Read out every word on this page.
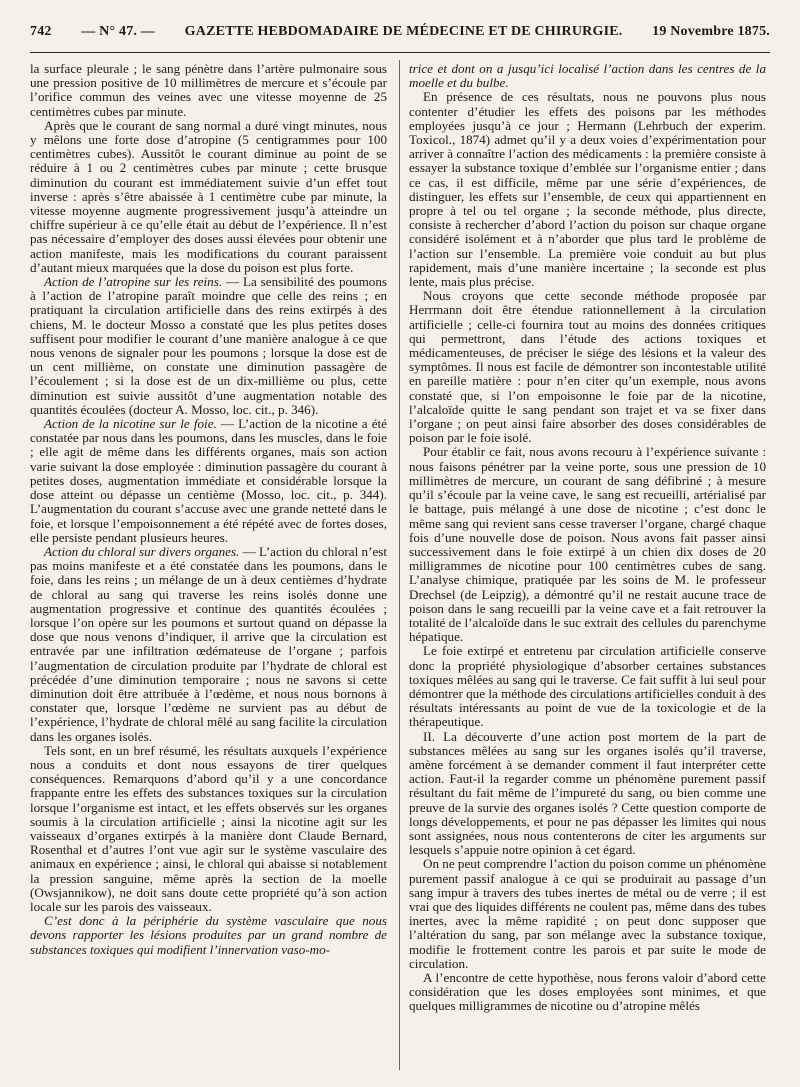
742 — N° 47. — GAZETTE HEBDOMADAIRE DE MÉDECINE ET DE CHIRURGIE. 19 Novembre 1875.

la surface pleurale ; le sang pénètre dans l’artère pulmonaire sous une pression positive de 10 millimètres de mercure et s’écoule par l’orifice commun des veines avec une vitesse moyenne de 25 centimètres cubes par minute.

Après que le courant de sang normal a duré vingt minutes, nous y mêlons une forte dose d’atropine (5 centigrammes pour 100 centimètres cubes). Aussitôt le courant diminue au point de se réduire à 1 ou 2 centimètres cubes par minute ; cette brusque diminution du courant est immédiatement suivie d’un effet tout inverse : après s’être abaissée à 1 centimètre cube par minute, la vitesse moyenne augmente progressivement jusqu’à atteindre un chiffre supérieur à ce qu’elle était au début de l’expérience. Il n’est pas nécessaire d’employer des doses aussi élevées pour obtenir une action manifeste, mais les modifications du courant paraissent d’autant mieux marquées que la dose du poison est plus forte.

Action de l’atropine sur les reins. — La sensibilité des poumons à l’action de l’atropine paraît moindre que celle des reins ; en pratiquant la circulation artificielle dans des reins extirpés à des chiens, M. le docteur Mosso a constaté que les plus petites doses suffisent pour modifier le courant d’une manière analogue à ce que nous venons de signaler pour les poumons ; lorsque la dose est de un cent millième, on constate une diminution passagère de l’écoulement ; si la dose est de un dix-millième ou plus, cette diminution est suivie aussitôt d’une augmentation notable des quantités écoulées (docteur A. Mosso, loc. cit., p. 346).

Action de la nicotine sur le foie. — L’action de la nicotine a été constatée par nous dans les poumons, dans les muscles, dans le foie ; elle agit de même dans les différents organes, mais son action varie suivant la dose employée : diminution passagère du courant à petites doses, augmentation immédiate et considérable lorsque la dose atteint ou dépasse un centième (Mosso, loc. cit., p. 344). L’augmentation du courant s’accuse avec une grande netteté dans le foie, et lorsque l’empoisonnement a été répété avec de fortes doses, elle persiste pendant plusieurs heures.

Action du chloral sur divers organes. — L’action du chloral n’est pas moins manifeste et a été constatée dans les poumons, dans le foie, dans les reins ; un mélange de un à deux centièmes d’hydrate de chloral au sang qui traverse les reins isolés donne une augmentation progressive et continue des quantités écoulées ; lorsque l’on opère sur les poumons et surtout quand on dépasse la dose que nous venons d’indiquer, il arrive que la circulation est entravée par une infiltration œdémateuse de l’organe ; parfois l’augmentation de circulation produite par l’hydrate de chloral est précédée d’une diminution temporaire ; nous ne savons si cette diminution doit être attribuée à l’œdème, et nous nous bornons à constater que, lorsque l’œdème ne survient pas au début de l’expérience, l’hydrate de chloral mêlé au sang facilite la circulation dans les organes isolés.

Tels sont, en un bref résumé, les résultats auxquels l’expérience nous a conduits et dont nous essayons de tirer quelques conséquences. Remarquons d’abord qu’il y a une concordance frappante entre les effets des substances toxiques sur la circulation lorsque l’organisme est intact, et les effets observés sur les organes soumis à la circulation artificielle ; ainsi la nicotine agit sur les vaisseaux d’organes extirpés à la manière dont Claude Bernard, Rosenthal et d’autres l’ont vue agir sur le système vasculaire des animaux en expérience ; ainsi, le chloral qui abaisse si notablement la pression sanguine, même après la section de la moelle (Owsjannikow), ne doit sans doute cette propriété qu’à son action locale sur les parois des vaisseaux.

C’est donc à la périphérie du système vasculaire que nous devons rapporter les lésions produites par un grand nombre de substances toxiques qui modifient l’innervation vaso-mo-

trice et dont on a jusqu’ici localisé l’action dans les centres de la moelle et du bulbe.

En présence de ces résultats, nous ne pouvons plus nous contenter d’étudier les effets des poisons par les méthodes employées jusqu’à ce jour ; Hermann (Lehrbuch der experim. Toxicol., 1874) admet qu’il y a deux voies d’expérimentation pour arriver à connaître l’action des médicaments : la première consiste à essayer la substance toxique d’emblée sur l’organisme entier ; dans ce cas, il est difficile, même par une série d’expériences, de distinguer, les effets sur l’ensemble, de ceux qui appartiennent en propre à tel ou tel organe ; la seconde méthode, plus directe, consiste à rechercher d’abord l’action du poison sur chaque organe considéré isolément et à n’aborder que plus tard le problème de l’action sur l’ensemble. La première voie conduit au but plus rapidement, mais d’une manière incertaine ; la seconde est plus lente, mais plus précise.

Nous croyons que cette seconde méthode proposée par Herrmann doit être étendue rationnellement à la circulation artificielle ; celle-ci fournira tout au moins des données critiques qui permettront, dans l’étude des actions toxiques et médicamenteuses, de préciser le siége des lésions et la valeur des symptômes. Il nous est facile de démontrer son incontestable utilité en pareille matière : pour n’en citer qu’un exemple, nous avons constaté que, si l’on empoisonne le foie par de la nicotine, l’alcaloïde quitte le sang pendant son trajet et va se fixer dans l’organe ; on peut ainsi faire absorber des doses considérables de poison par le foie isolé.

Pour établir ce fait, nous avons recouru à l’expérience suivante : nous faisons pénétrer par la veine porte, sous une pression de 10 millimètres de mercure, un courant de sang défibriné ; à mesure qu’il s’écoule par la veine cave, le sang est recueilli, artérialisé par le battage, puis mélangé à une dose de nicotine ; c’est donc le même sang qui revient sans cesse traverser l’organe, chargé chaque fois d’une nouvelle dose de poison. Nous avons fait passer ainsi successivement dans le foie extirpé à un chien dix doses de 20 milligrammes de nicotine pour 100 centimètres cubes de sang. L’analyse chimique, pratiquée par les soins de M. le professeur Drechsel (de Leipzig), a démontré qu’il ne restait aucune trace de poison dans le sang recueilli par la veine cave et a fait retrouver la totalité de l’alcaloïde dans le suc extrait des cellules du parenchyme hépatique.

Le foie extirpé et entretenu par circulation artificielle conserve donc la propriété physiologique d’absorber certaines substances toxiques mêlées au sang qui le traverse. Ce fait suffit à lui seul pour démontrer que la méthode des circulations artificielles conduit à des résultats intéressants au point de vue de la toxicologie et de la thérapeutique.

II. La découverte d’une action post mortem de la part de substances mêlées au sang sur les organes isolés qu’il traverse, amène forcément à se demander comment il faut interpréter cette action. Faut-il la regarder comme un phénomène purement passif résultant du fait même de l’impureté du sang, ou bien comme une preuve de la survie des organes isolés ? Cette question comporte de longs développements, et pour ne pas dépasser les limites qui nous sont assignées, nous nous contenterons de citer les arguments sur lesquels s’appuie notre opinion à cet égard.

On ne peut comprendre l’action du poison comme un phénomène purement passif analogue à ce qui se produirait au passage d’un sang impur à travers des tubes inertes de métal ou de verre ; il est vrai que des liquides différents ne coulent pas, même dans des tubes inertes, avec la même rapidité ; on peut donc supposer que l’altération du sang, par son mélange avec la substance toxique, modifie le frottement contre les parois et par suite le mode de circulation.

A l’encontre de cette hypothèse, nous ferons valoir d’abord cette considération que les doses employées sont minimes, et que quelques milligrammes de nicotine ou d’atropine mêlés
